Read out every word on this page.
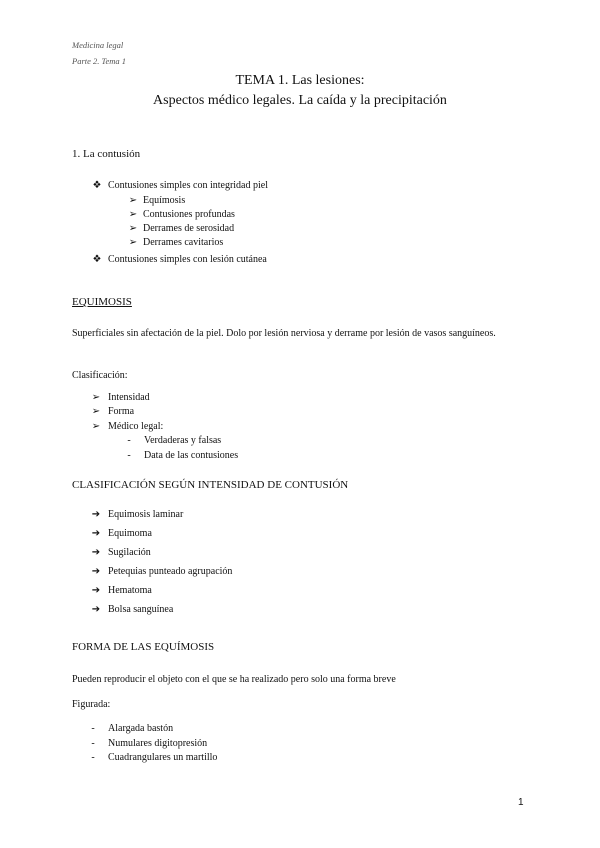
Medicina legal
Parte 2. Tema 1
TEMA 1. Las lesiones:
Aspectos médico legales. La caída y la precipitación
1. La contusión
❖ Contusiones simples con integridad piel
➢ Equímosis
➢ Contusiones profundas
➢ Derrames de serosidad
➢ Derrames cavitarios
❖ Contusiones simples con lesión cutánea
EQUIMOSIS
Superficiales sin afectación de la piel. Dolo por lesión nerviosa y derrame por lesión de vasos sanguíneos.
Clasificación:
➢ Intensidad
➢ Forma
➢ Médico legal:
- Verdaderas y falsas
- Data de las contusiones
CLASIFICACIÓN SEGÚN INTENSIDAD DE CONTUSIÓN
➔ Equimosis laminar
➔ Equimoma
➔ Sugilación
➔ Petequias punteado agrupación
➔ Hematoma
➔ Bolsa sanguínea
FORMA DE LAS EQUÍMOSIS
Pueden reproducir el objeto con el que se ha realizado pero solo una forma breve
Figurada:
- Alargada bastón
- Numulares digitopresión
- Cuadrangulares un martillo
1
